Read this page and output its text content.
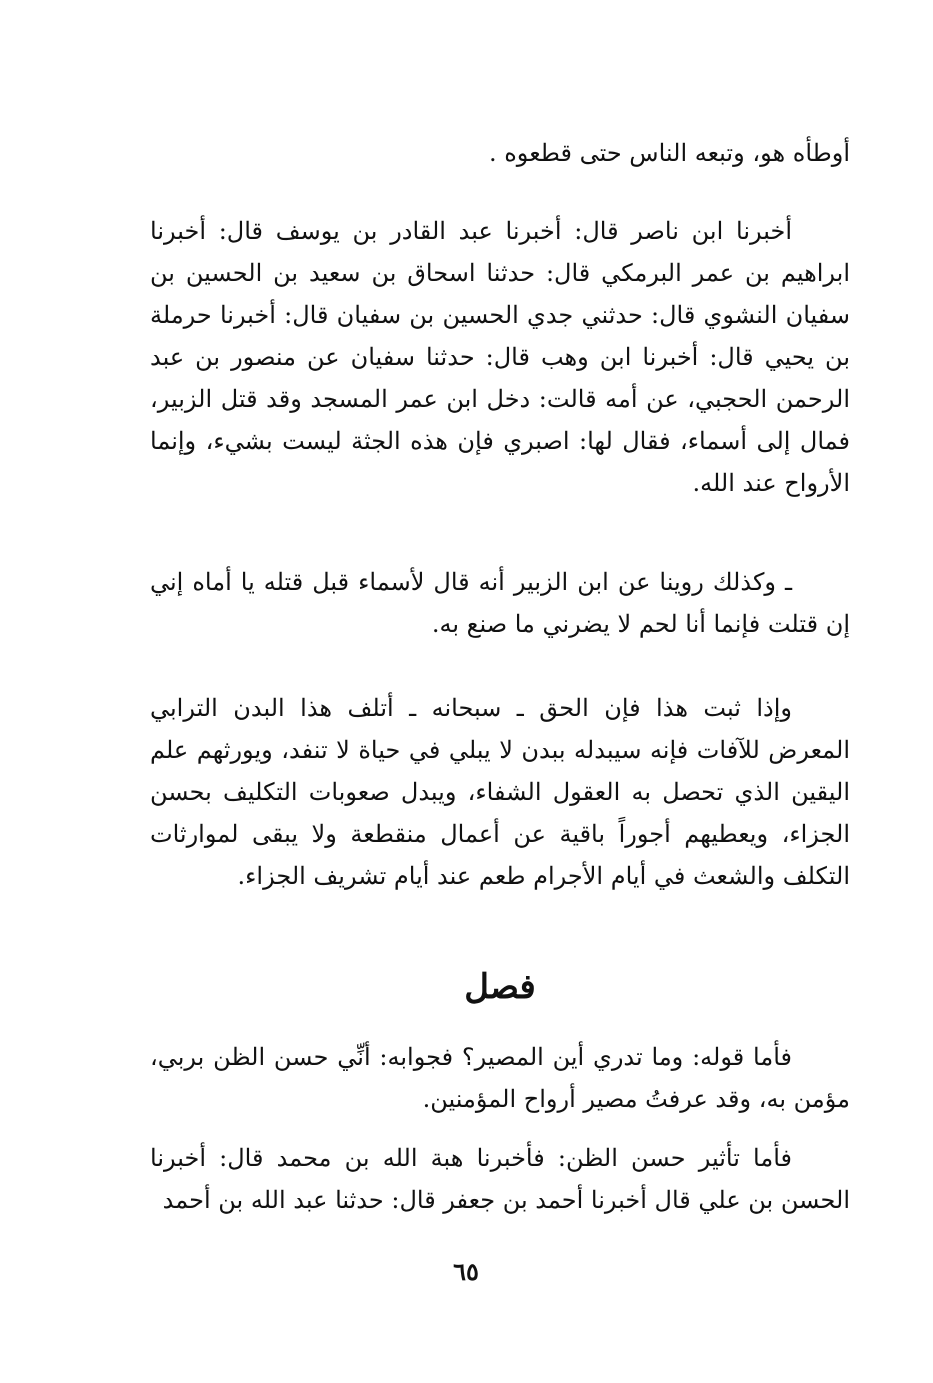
أوطأه هو، وتبعه الناس حتى قطعوه .

أخبرنا ابن ناصر قال: أخبرنا عبد القادر بن يوسف قال: أخبرنا ابراهيم بن عمر البرمكي قال: حدثنا اسحاق بن سعيد بن الحسين بن سفيان النشوي قال: حدثني جدي الحسين بن سفيان قال: أخبرنا حرملة بن يحيي قال: أخبرنا ابن وهب قال: حدثنا سفيان عن منصور بن عبد الرحمن الحجبي، عن أمه قالت: دخل ابن عمر المسجد وقد قتل الزبير، فمال إلى أسماء، فقال لها: اصبري فإن هذه الجثة ليست بشيء، وإنما الأرواح عند الله.

ـ وكذلك روينا عن ابن الزبير أنه قال لأسماء قبل قتله يا أماه إني إن قتلت فإنما أنا لحم لا يضرني ما صنع به.

وإذا ثبت هذا فإن الحق ـ سبحانه ـ أتلف هذا البدن الترابي المعرض للآفات فإنه سيبدله ببدن لا يبلي في حياة لا تنفد، ويورثهم علم اليقين الذي تحصل به العقول الشفاء، ويبدل صعوبات التكليف بحسن الجزاء، ويعطيهم أجوراً باقية عن أعمال منقطعة ولا يبقى لموارثات التكلف والشعث في أيام الأجرام طعم عند أيام تشريف الجزاء.

فصل

فأما قوله: وما تدري أين المصير؟ فجوابه: أنِّي حسن الظن بربي، مؤمن به، وقد عرفتُ مصير أرواح المؤمنين.

فأما تأثير حسن الظن: فأخبرنا هبة الله بن محمد قال: أخبرنا الحسن بن علي قال أخبرنا أحمد بن جعفر قال: حدثنا عبد الله بن أحمد

٦٥
